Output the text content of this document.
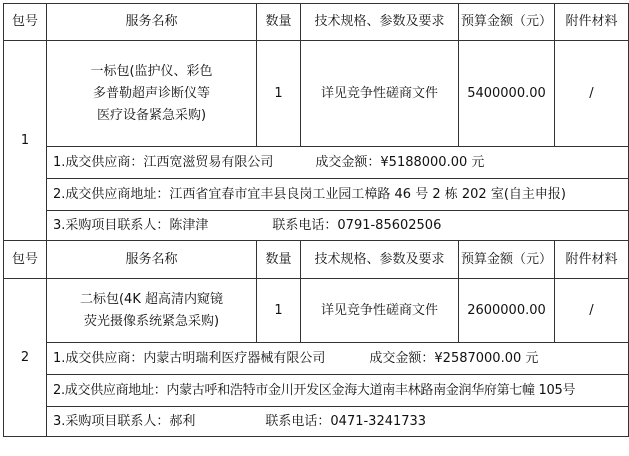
包号	服务名称	数量	技术规格、参数及要求	预算金额（元）	附件材料
1	一标包(监护仪、彩色
多普勒超声诊断仪等
医疗设备紧急采购)	1	详见竞争性磋商文件	5400000.00	/
	1.成交供应商：江西宽滋贸易有限公司 成交金额：¥5188000.00 元				
	2.成交供应商地址：江西省宜春市宜丰县良岗工业园工樟路 46 号 2 栋 202 室(自主申报)				
	3.采购项目联系人：陈津津 联系电话：0791-85602506				
包号	服务名称	数量	技术规格、参数及要求	预算金额（元）	附件材料
2	二标包(4K 超高清内窥镜
荧光摄像系统紧急采购)	1	详见竞争性磋商文件	2600000.00	/
	1.成交供应商：内蒙古明瑞利医疗器械有限公司 成交金额：¥2587000.00 元				
	2.成交供应商地址：内蒙古呼和浩特市金川开发区金海大道南丰林路南金润华府第七幢 105号				
	3.采购项目联系人：郝利 联系电话：0471-3241733				
